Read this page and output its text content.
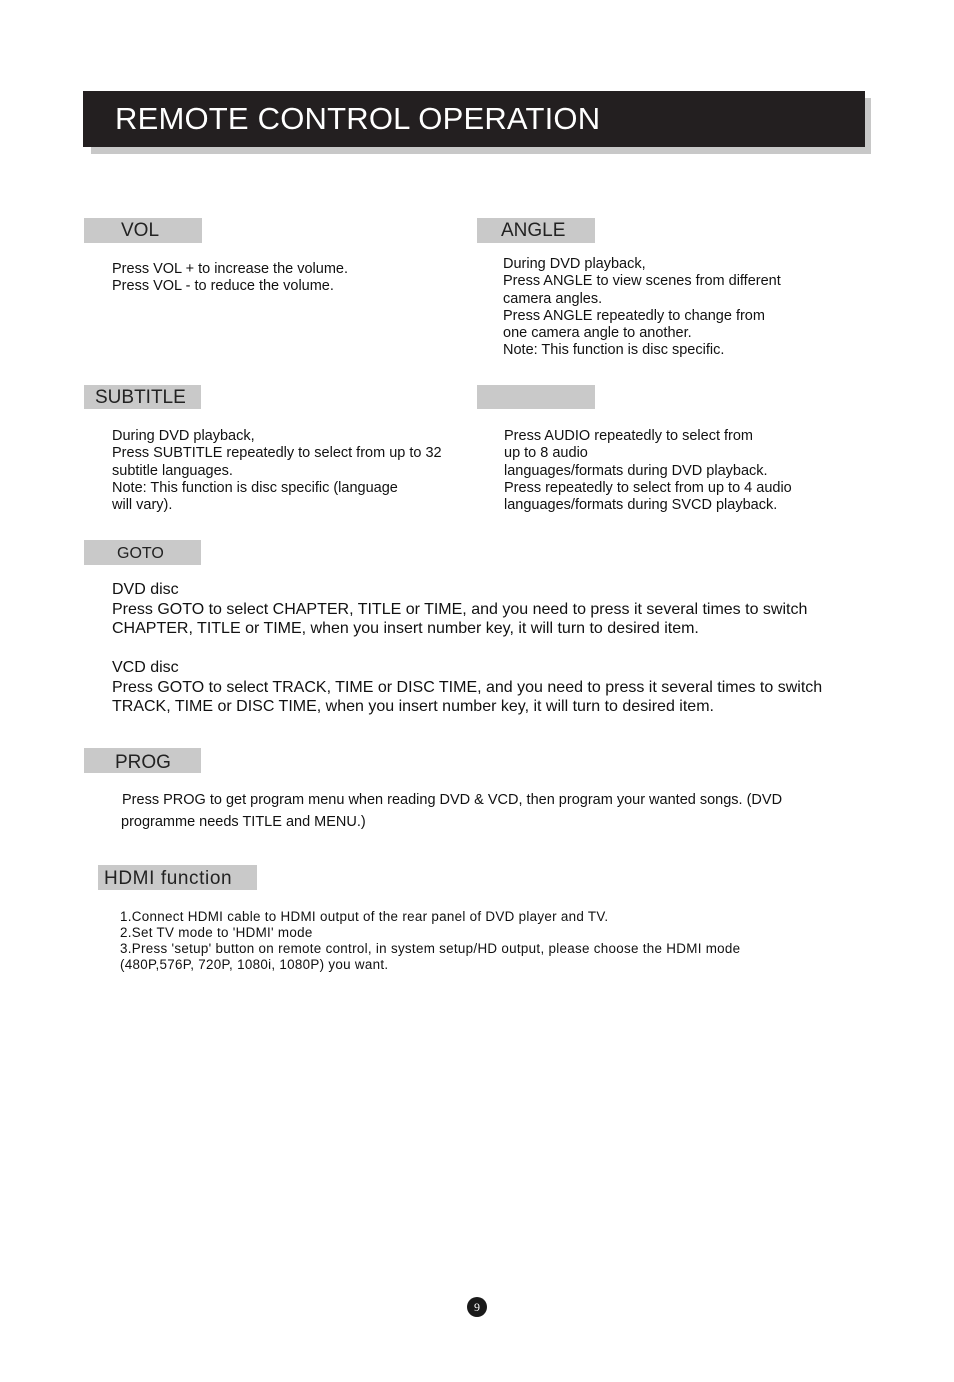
REMOTE CONTROL OPERATION
VOL

Press VOL + to increase the volume.

Press VOL - to reduce the volume.

ANGLE

During DVD playback,

Press ANGLE to view scenes from different

camera angles.

Press ANGLE repeatedly to change from

one camera angle to another.

Note: This function is disc specific.

SUBTITLE

During DVD playback,

Press SUBTITLE repeatedly to select from up to 32

subtitle languages.

Note: This function is disc specific (language

will vary).

Press AUDIO repeatedly to select from

up to 8 audio

languages/formats during DVD playback.

Press repeatedly to select from up to 4 audio

languages/formats during SVCD playback.

GOTO

DVD disc

Press GOTO to select CHAPTER, TITLE or TIME, and you need to press it several times to switch

CHAPTER, TITLE or TIME, when you insert number key, it will turn to desired item.

VCD disc

Press GOTO to select TRACK, TIME or DISC TIME, and you need to press it several times to switch

TRACK, TIME or DISC TIME, when you insert number key, it will turn to desired item.

PROG

Press PROG to get program menu when reading DVD & VCD, then program your wanted songs. (DVD

programme needs TITLE and MENU.)

HDMI function

1.Connect HDMI cable to HDMI output of the rear panel of DVD player and TV.

2.Set TV mode to 'HDMI' mode

3.Press 'setup' button on remote control, in system setup/HD output, please choose the HDMI mode

(480P,576P, 720P, 1080i, 1080P) you want.

9
